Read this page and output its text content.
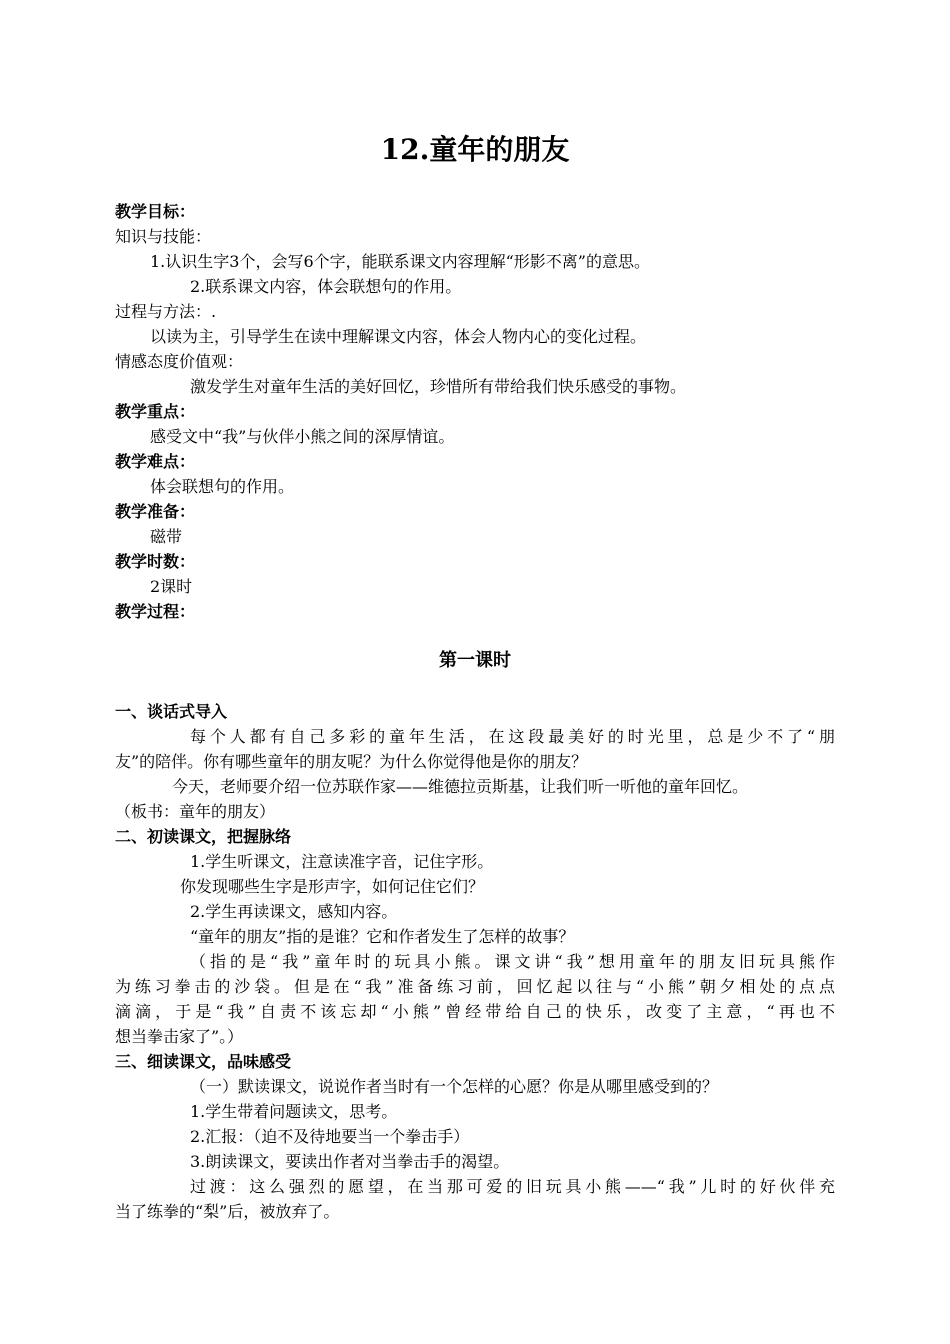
12.童年的朋友
教学目标：
知识与技能：
1.认识生字3个，会写6个字，能联系课文内容理解“形影不离”的意思。
2.联系课文内容，体会联想句的作用。
过程与方法：.
以读为主，引导学生在读中理解课文内容，体会人物内心的变化过程。
情感态度价值观：
激发学生对童年生活的美好回忆，珍惜所有带给我们快乐感受的事物。
教学重点：
感受文中“我”与伙伴小熊之间的深厚情谊。
教学难点：
体会联想句的作用。
教学准备：
磁带
教学时数：
2课时
教学过程：
第一课时
一、谈话式导入
每个人都有自己多彩的童年生活，在这段最美好的时光里，总是少不了“朋
友”的陪伴。你有哪些童年的朋友呢？为什么你觉得他是你的朋友？
今天，老师要介绍一位苏联作家——维德拉贡斯基，让我们听一听他的童年回忆。
（板书：童年的朋友）
二、初读课文，把握脉络
1.学生听课文，注意读准字音，记住字形。
你发现哪些生字是形声字，如何记住它们？
2.学生再读课文，感知内容。
“童年的朋友”指的是谁？它和作者发生了怎样的故事？
（指的是“我”童年时的玩具小熊。课文讲“我”想用童年的朋友旧玩具熊作
为练习拳击的沙袋。但是在“我”准备练习前，回忆起以往与“小熊”朝夕相处的点点
滴滴，于是“我”自责不该忘却“小熊”曾经带给自己的快乐，改变了主意，“再也不
想当拳击家了”。）
三、细读课文，品味感受
（一）默读课文，说说作者当时有一个怎样的心愿？你是从哪里感受到的？
1.学生带着问题读文，思考。
2.汇报：（迫不及待地要当一个拳击手）
3.朗读课文，要读出作者对当拳击手的渴望。
过渡：这么强烈的愿望，在当那可爱的旧玩具小熊——“我”儿时的好伙伴充
当了练拳的“梨”后，被放弃了。
